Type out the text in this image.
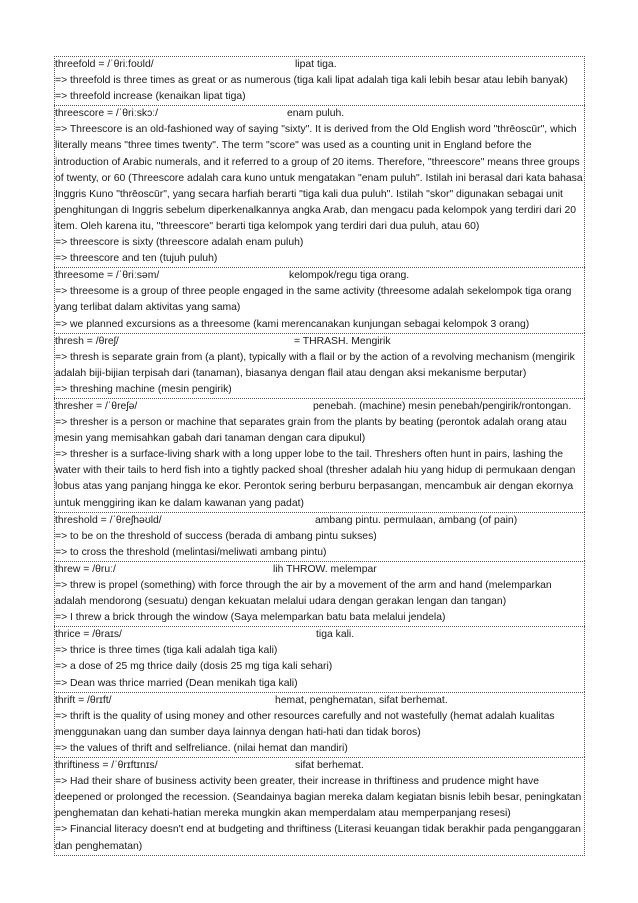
threefold = /ˈθriːfoʊld/	lipat tiga.
=> threefold is three times as great or as numerous (tiga kali lipat adalah tiga kali lebih besar atau lebih banyak)
=> threefold increase (kenaikan lipat tiga)
threescore = /ˈθriːskɔː/	enam puluh.
=> Threescore is an old-fashioned way of saying "sixty". It is derived from the Old English word "thrēoscūr", which literally means "three times twenty". The term "score" was used as a counting unit in England before the introduction of Arabic numerals, and it referred to a group of 20 items. Therefore, "threescore" means three groups of twenty, or 60 (Threescore adalah cara kuno untuk mengatakan "enam puluh". Istilah ini berasal dari kata bahasa Inggris Kuno "thrēoscūr", yang secara harfiah berarti "tiga kali dua puluh". Istilah "skor" digunakan sebagai unit penghitungan di Inggris sebelum diperkenalkannya angka Arab, dan mengacu pada kelompok yang terdiri dari 20 item. Oleh karena itu, "threescore" berarti tiga kelompok yang terdiri dari dua puluh, atau 60)
=> threescore is sixty (threescore adalah enam puluh)
=> threescore and ten (tujuh puluh)
threesome = /ˈθriːsəm/	kelompok/regu tiga orang.
=> threesome is a group of three people engaged in the same activity (threesome adalah sekelompok tiga orang yang terlibat dalam aktivitas yang sama)
=> we planned excursions as a threesome (kami merencanakan kunjungan sebagai kelompok 3 orang)
thresh = /θreʃ/	= THRASH. Mengirik
=> thresh is separate grain from (a plant), typically with a flail or by the action of a revolving mechanism (mengirik adalah biji-bijian terpisah dari (tanaman), biasanya dengan flail atau dengan aksi mekanisme berputar)
=> threshing machine (mesin pengirik)
thresher = /ˈθreʃə/	penebah. (machine) mesin penebah/pengirik/rontongan.
=> thresher is a person or machine that separates grain from the plants by beating (perontok adalah orang atau mesin yang memisahkan gabah dari tanaman dengan cara dipukul)
=> thresher is a surface-living shark with a long upper lobe to the tail. Threshers often hunt in pairs, lashing the water with their tails to herd fish into a tightly packed shoal (thresher adalah hiu yang hidup di permukaan dengan lobus atas yang panjang hingga ke ekor. Perontok sering berburu berpasangan, mencambuk air dengan ekornya untuk menggiring ikan ke dalam kawanan yang padat)
threshold = /ˈθreʃhəʊld/	ambang pintu. permulaan, ambang (of pain)
=> to be on the threshold of success (berada di ambang pintu sukses)
=> to cross the threshold (melintasi/meliwati ambang pintu)
threw = /θruː/	lih THROW. melempar
=> threw is propel (something) with force through the air by a movement of the arm and hand (melemparkan adalah mendorong (sesuatu) dengan kekuatan melalui udara dengan gerakan lengan dan tangan)
=> I threw a brick through the window (Saya melemparkan batu bata melalui jendela)
thrice = /θraɪs/	tiga kali.
=> thrice is three times (tiga kali adalah tiga kali)
=> a dose of 25 mg thrice daily (dosis 25 mg tiga kali sehari)
=> Dean was thrice married (Dean menikah tiga kali)
thrift = /θrɪft/	hemat, penghematan, sifat berhemat.
=> thrift is the quality of using money and other resources carefully and not wastefully (hemat adalah kualitas menggunakan uang dan sumber daya lainnya dengan hati-hati dan tidak boros)
=> the values of thrift and selfreliance. (nilai hemat dan mandiri)
thriftiness = /ˈθrɪftɪnɪs/	sifat berhemat.
=> Had their share of business activity been greater, their increase in thriftiness and prudence might have deepened or prolonged the recession. (Seandainya bagian mereka dalam kegiatan bisnis lebih besar, peningkatan penghematan dan kehati-hatian mereka mungkin akan memperdalam atau memperpanjang resesi)
=> Financial literacy doesn't end at budgeting and thriftiness (Literasi keuangan tidak berakhir pada penganggaran dan penghematan)
